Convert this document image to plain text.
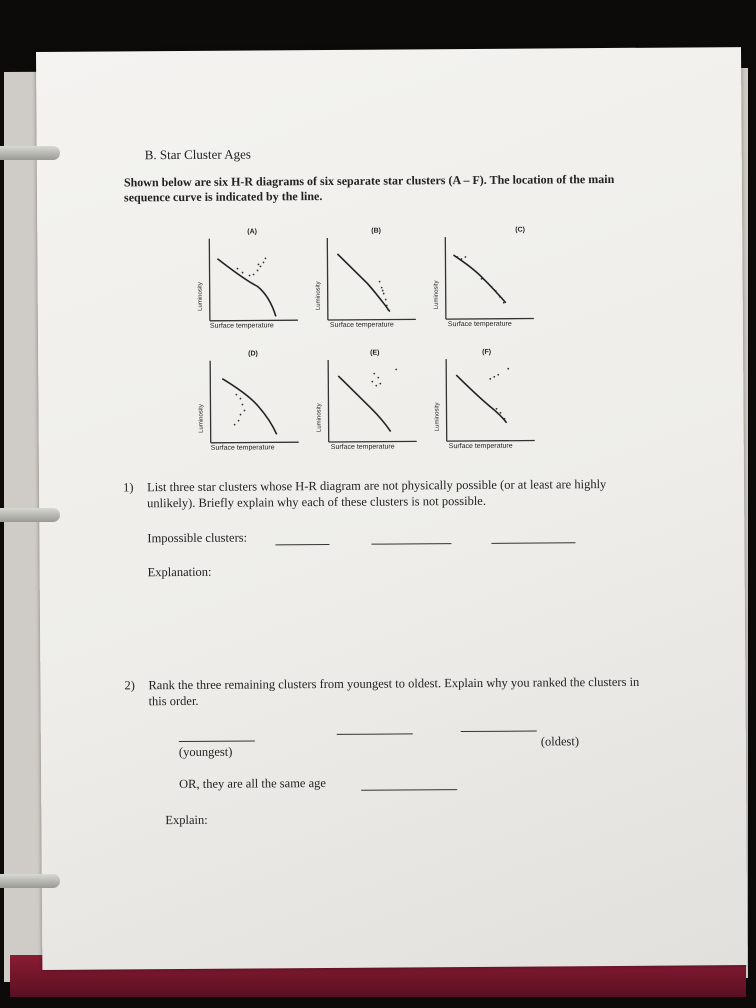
B. Star Cluster Ages
Shown below are six H-R diagrams of six separate star clusters (A – F). The location of the main sequence curve is indicated by the line.
(A)
Luminosity
Surface temperature
(B)
Luminosity
Surface temperature
(C)
Luminosity
Surface temperature
(D)
Luminosity
Surface temperature
(E)
Luminosity
Surface temperature
(F)
Luminosity
Surface temperature
1) List three star clusters whose H-R diagram are not physically possible (or at least are highly unlikely). Briefly explain why each of these clusters is not possible.
Impossible clusters:
Explanation:
2) Rank the three remaining clusters from youngest to oldest. Explain why you ranked the clusters in this order.
(youngest)
(oldest)
OR, they are all the same age
Explain:
